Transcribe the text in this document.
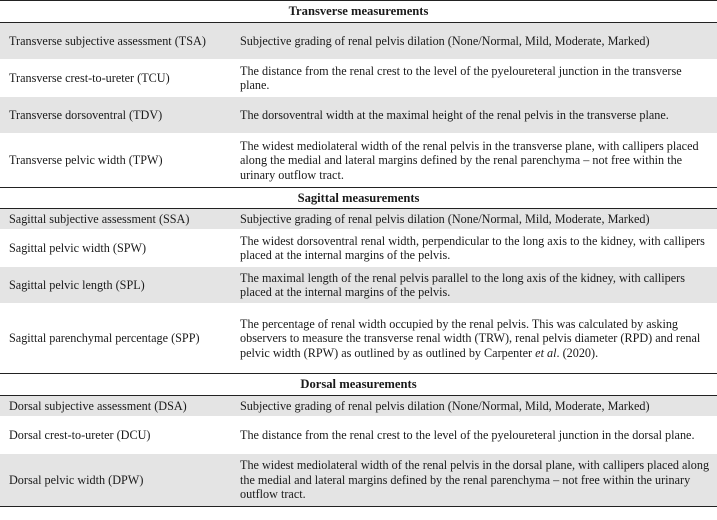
Transverse measurements	
Transverse subjective assessment (TSA)	Subjective grading of renal pelvis dilation (None/Normal, Mild, Moderate, Marked)
Transverse crest-to-ureter (TCU)	The distance from the renal crest to the level of the pyeloureteral junction in the transverse plane.
Transverse dorsoventral (TDV)	The dorsoventral width at the maximal height of the renal pelvis in the transverse plane.
Transverse pelvic width (TPW)	The widest mediolateral width of the renal pelvis in the transverse plane, with callipers placed along the medial and lateral margins defined by the renal parenchyma – not free within the urinary outflow tract.
Sagittal measurements	
Sagittal subjective assessment (SSA)	Subjective grading of renal pelvis dilation (None/Normal, Mild, Moderate, Marked)
Sagittal pelvic width (SPW)	The widest dorsoventral renal width, perpendicular to the long axis to the kidney, with callipers placed at the internal margins of the pelvis.
Sagittal pelvic length (SPL)	The maximal length of the renal pelvis parallel to the long axis of the kidney, with callipers placed at the internal margins of the pelvis.
Sagittal parenchymal percentage (SPP)	The percentage of renal width occupied by the renal pelvis. This was calculated by asking observers to measure the transverse renal width (TRW), renal pelvis diameter (RPD) and renal pelvic width (RPW) as outlined by as outlined by Carpenter et al. (2020).
Dorsal measurements	
Dorsal subjective assessment (DSA)	Subjective grading of renal pelvis dilation (None/Normal, Mild, Moderate, Marked)
Dorsal crest-to-ureter (DCU)	The distance from the renal crest to the level of the pyeloureteral junction in the dorsal plane.
Dorsal pelvic width (DPW)	The widest mediolateral width of the renal pelvis in the dorsal plane, with callipers placed along the medial and lateral margins defined by the renal parenchyma – not free within the urinary outflow tract.
